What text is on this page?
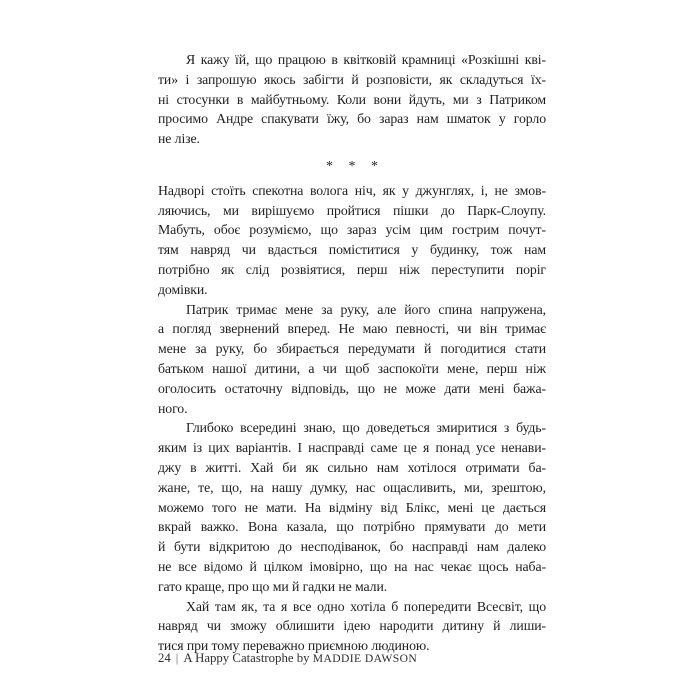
Я кажу їй, що працюю в квітковій крамниці «Розкішні кві-
ти» і запрошую якось забігти й розповісти, як складуться їх-
ні стосунки в майбутньому. Коли вони йдуть, ми з Патриком
просимо Андре спакувати їжу, бо зараз нам шматок у горло
не лізе.
* * *
Надворі стоїть спекотна волога ніч, як у джунглях, і, не змов-
ляючись, ми вирішуємо пройтися пішки до Парк-Слоупу.
Мабуть, обоє розуміємо, що зараз усім цим гострим почут-
тям навряд чи вдасться поміститися у будинку, тож нам
потрібно як слід розвіятися, перш ніж переступити поріг
домівки.
Патрик тримає мене за руку, але його спина напружена,
а погляд звернений вперед. Не маю певності, чи він тримає
мене за руку, бо збирається передумати й погодитися стати
батьком нашої дитини, а чи щоб заспокоїти мене, перш ніж
оголосить остаточну відповідь, що не може дати мені бажа-
ного.
Глибоко всередині знаю, що доведеться змиритися з будь-
яким із цих варіантів. І насправді саме це я понад усе ненави-
джу в житті. Хай би як сильно нам хотілося отримати ба-
жане, те, що, на нашу думку, нас ощасливить, ми, зрештою,
можемо того не мати. На відміну від Блікс, мені це дається
вкрай важко. Вона казала, що потрібно прямувати до мети
й бути відкритою до несподіванок, бо насправді нам далеко
не все відомо й цілком імовірно, що на нас чекає щось наба-
гато краще, про що ми й гадки не мали.
Хай там як, та я все одно хотіла б попередити Всесвіт, що
навряд чи зможу облишити ідею народити дитину й лиши-
тися при тому переважно приємною людиною.
24 | A Happy Catastrophe by MADDIE DAWSON
